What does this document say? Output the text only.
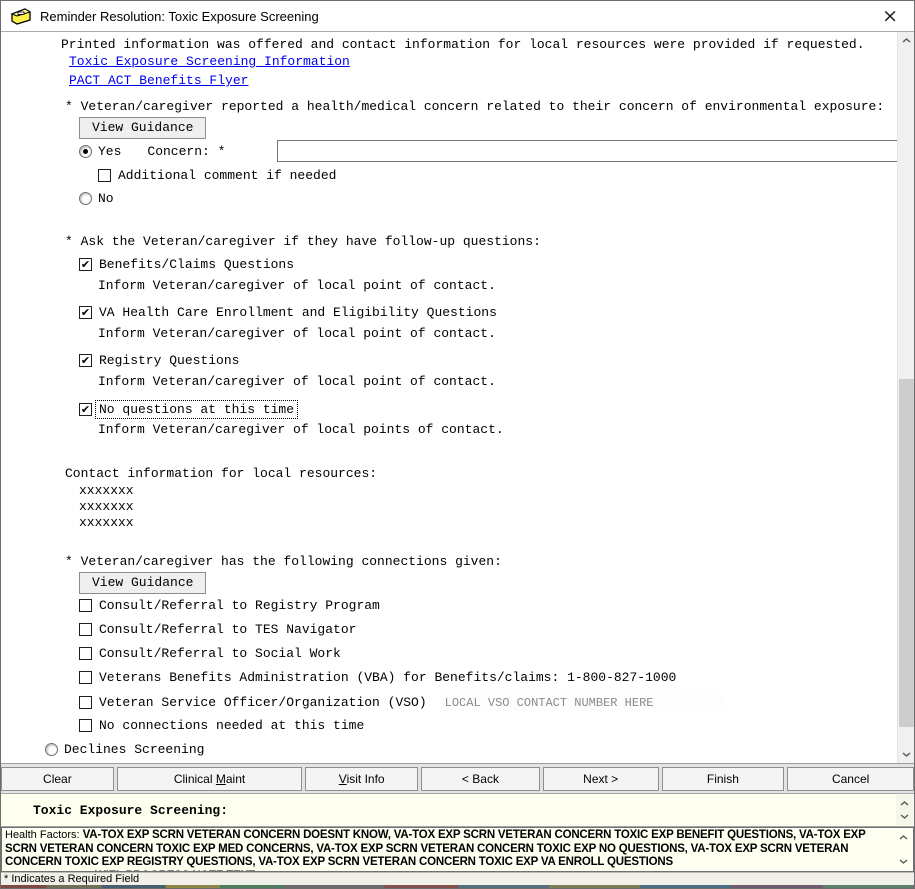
Reminder Resolution: Toxic Exposure Screening	×
Printed information was offered and contact information for local resources were provided if requested.
Toxic Exposure Screening Information
PACT ACT Benefits Flyer
* Veteran/caregiver reported a health/medical concern related to their concern of environmental exposure:
View Guidance
Yes Concern: *
Additional comment if needed
No
* Ask the Veteran/caregiver if they have follow-up questions:
✔ Benefits/Claims Questions
Inform Veteran/caregiver of local point of contact.
✔ VA Health Care Enrollment and Eligibility Questions
Inform Veteran/caregiver of local point of contact.
✔ Registry Questions
Inform Veteran/caregiver of local point of contact.
✔ No questions at this time
Inform Veteran/caregiver of local points of contact.
Contact information for local resources:
xxxxxxx
xxxxxxx
xxxxxxx
* Veteran/caregiver has the following connections given:
View Guidance
Consult/Referral to Registry Program
Consult/Referral to TES Navigator
Consult/Referral to Social Work
Veterans Benefits Administration (VBA) for Benefits/claims: 1-800-827-1000
Veteran Service Officer/Organization (VSO)
LOCAL VSO CONTACT NUMBER HERE
No connections needed at this time
Declines Screening
Clear	Clinical Maint	Visit Info	< Back	Next >	Finish	Cancel
Toxic Exposure Screening:
Health Factors: VA-TOX EXP SCRN VETERAN CONCERN DOESNT KNOW, VA-TOX EXP SCRN VETERAN CONCERN TOXIC EXP BENEFIT QUESTIONS, VA-TOX EXP SCRN VETERAN CONCERN TOXIC EXP MED CONCERNS, VA-TOX EXP SCRN VETERAN CONCERN TOXIC EXP NO QUESTIONS, VA-TOX EXP SCRN VETERAN CONCERN TOXIC EXP REGISTRY QUESTIONS, VA-TOX EXP SCRN VETERAN CONCERN TOXIC EXP VA ENROLL QUESTIONS
* Indicates a Required Field
